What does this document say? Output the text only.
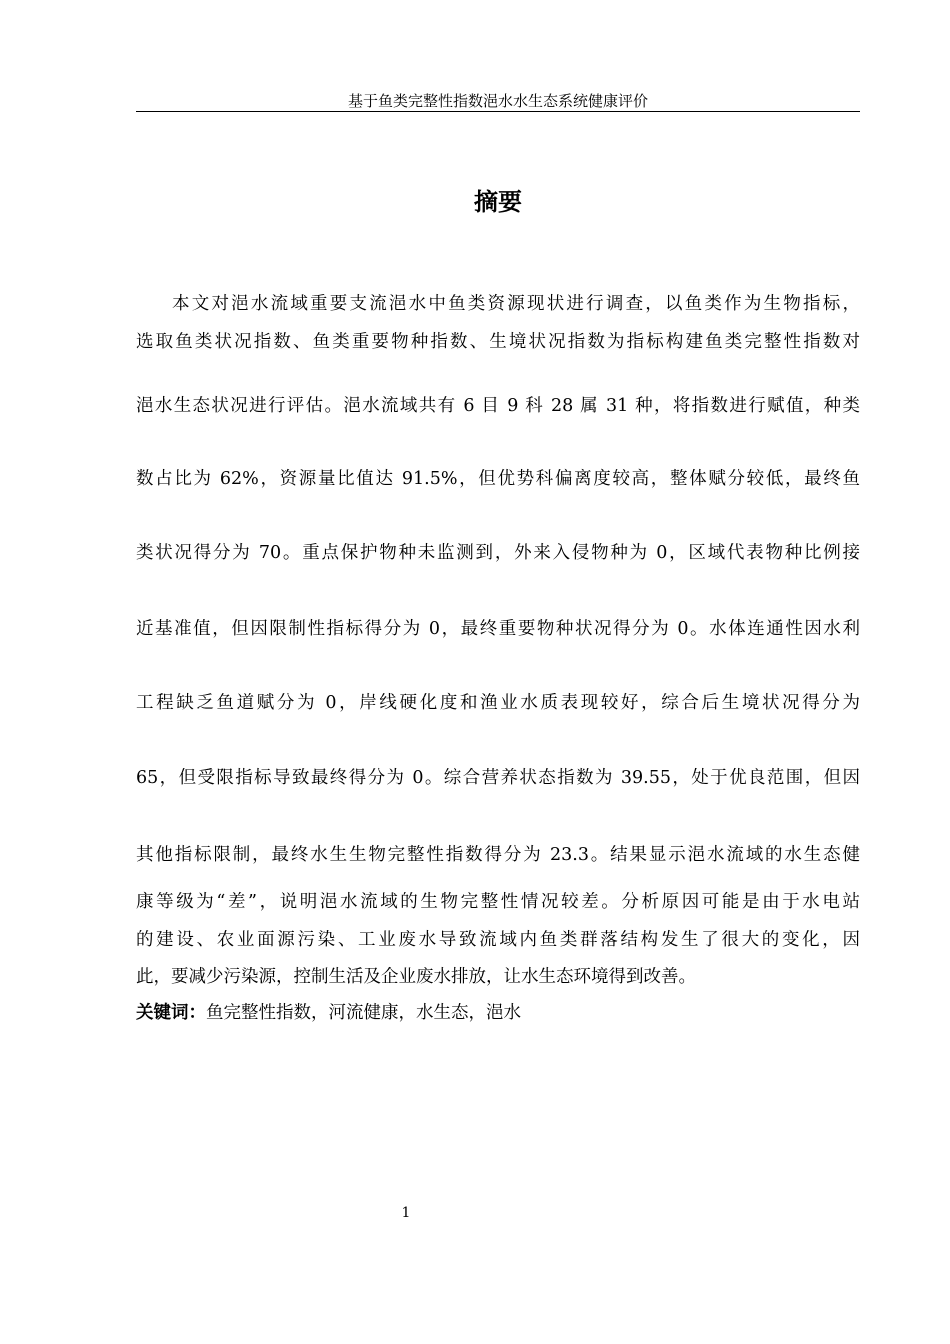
基于鱼类完整性指数浥水水生态系统健康评价
摘要
本文对浥水流域重要支流浥水中鱼类资源现状进行调查，以鱼类作为生物指标，
选取鱼类状况指数、鱼类重要物种指数、生境状况指数为指标构建鱼类完整性指数对
浥水生态状况进行评估。浥水流域共有 6 目 9 科 28 属 31 种，将指数进行赋值，种类
数占比为 62%，资源量比值达 91.5%，但优势科偏离度较高，整体赋分较低，最终鱼
类状况得分为 70。重点保护物种未监测到，外来入侵物种为 0，区域代表物种比例接
近基准值，但因限制性指标得分为 0，最终重要物种状况得分为 0。水体连通性因水利
工程缺乏鱼道赋分为 0，岸线硬化度和渔业水质表现较好，综合后生境状况得分为
65，但受限指标导致最终得分为 0。综合营养状态指数为 39.55，处于优良范围，但因
其他指标限制，最终水生生物完整性指数得分为 23.3。结果显示浥水流域的水生态健
康等级为“差”，说明浥水流域的生物完整性情况较差。分析原因可能是由于水电站
的建设、农业面源污染、工业废水导致流域内鱼类群落结构发生了很大的变化，因
此，要减少污染源，控制生活及企业废水排放，让水生态环境得到改善。
关键词：鱼完整性指数，河流健康，水生态，浥水
1
